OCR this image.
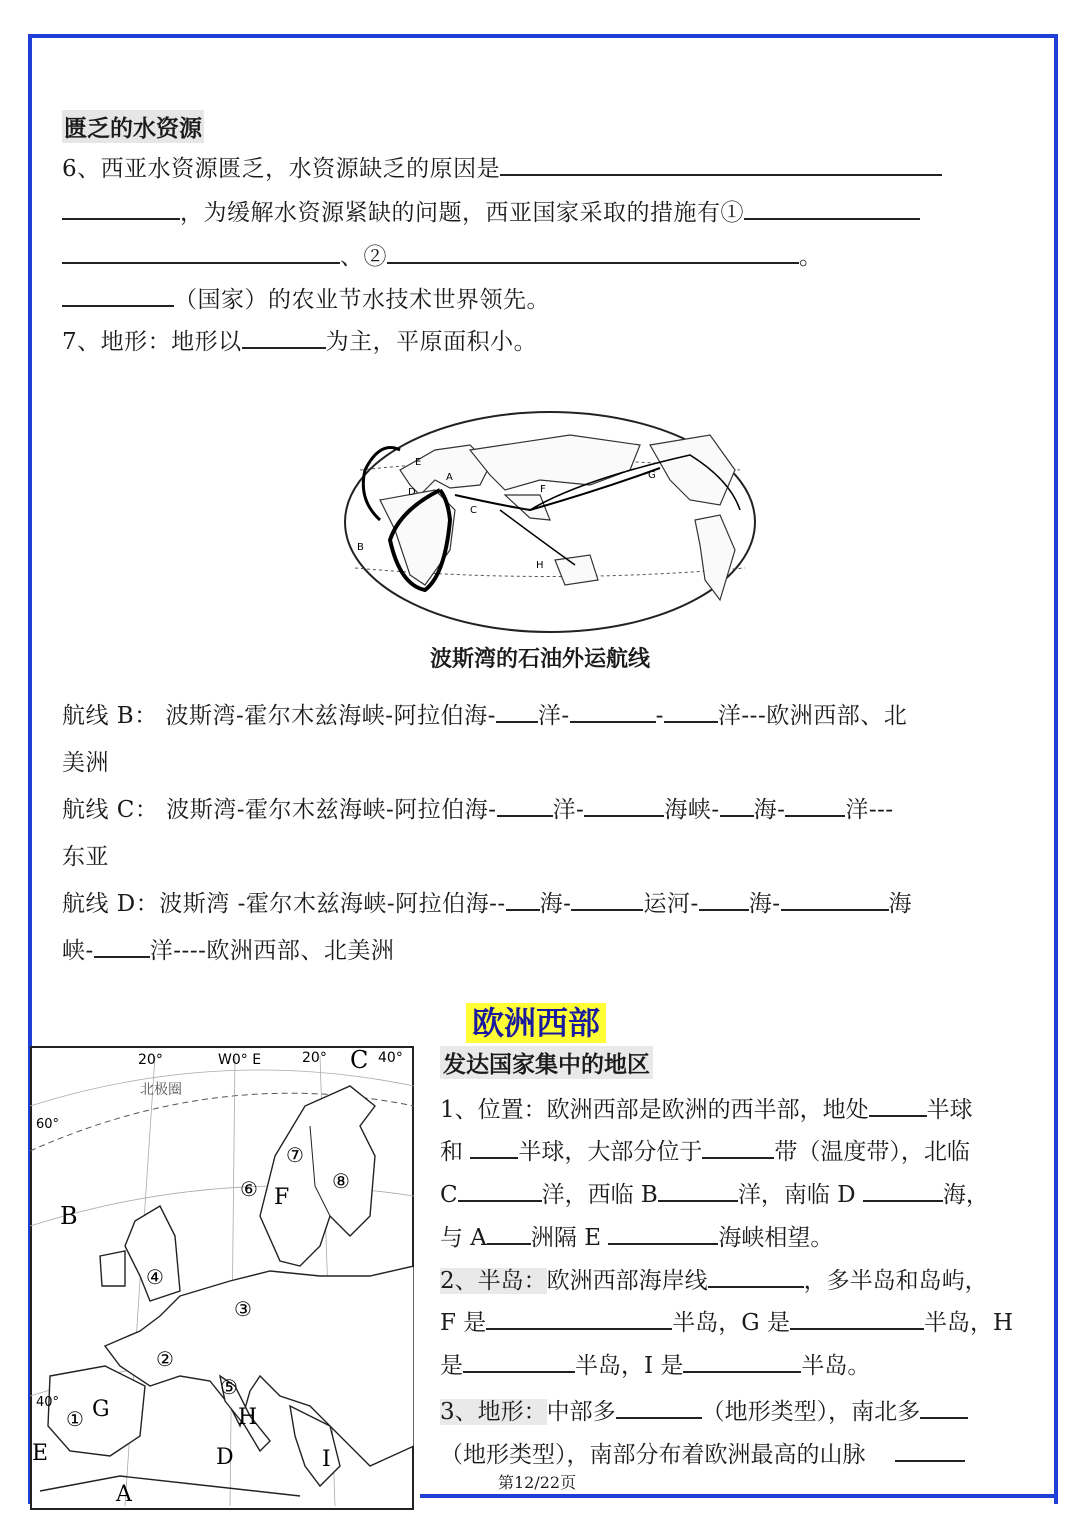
匮乏的水资源
6、西亚水资源匮乏，水资源缺乏的原因是
，为缓解水资源紧缺的问题，西亚国家采取的措施有①
、②	。
（国家）的农业节水技术世界领先。
7、地形：地形以	为主，平原面积小。
A
B
C
D
E
F
G
H
波斯湾的石油外运航线
航线 B： 波斯湾-霍尔木兹海峡-阿拉伯海- 洋-	- 洋---欧洲西部、北
美洲
航线 C： 波斯湾-霍尔木兹海峡-阿拉伯海- 洋-	海峡- 海-	洋---
东亚
航线 D：波斯湾 -霍尔木兹海峡-阿拉伯海-- 海-	运河- 海-	海
峡- 洋----欧洲西部、北美洲
欧洲西部
发达国家集中的地区
1、位置：欧洲西部是欧洲的西半部，地处	半球
和 半球，大部分位于	带（温度带），北临
C	洋，西临 B	洋，南临 D	海，
与 A 洲隔 E	海峡相望。
2、半岛：欧洲西部海岸线	，多半岛和岛屿，
F 是	半岛，G 是	半岛，H
是	半岛，I 是	半岛。
3、地形：中部多	（地形类型），南北多
（地形类型），南部分布着欧洲最高的山脉
20°	W0° E	20°	40°
60°
40°
北极圈
C
B
F
G	H
D	I
E
A
①
②
③
④
⑤
⑥
⑦
⑧
第12/22页
